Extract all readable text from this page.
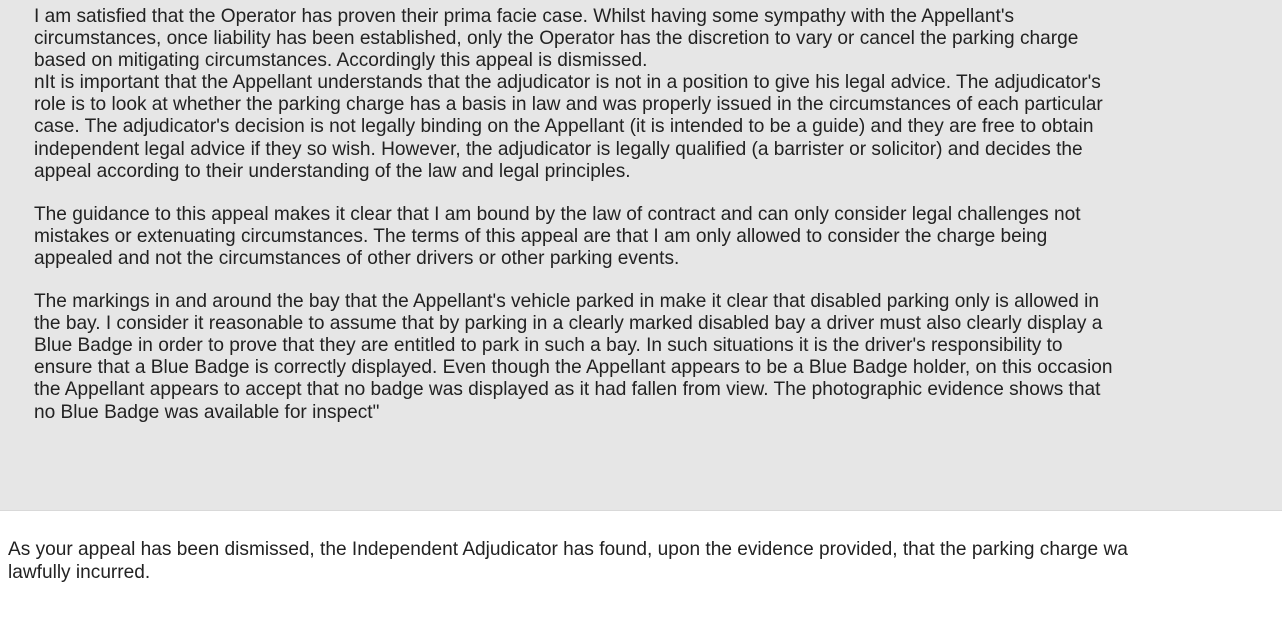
I am satisfied that the Operator has proven their prima facie case. Whilst having some sympathy with the Appellant's
circumstances, once liability has been established, only the Operator has the discretion to vary or cancel the parking charge
based on mitigating circumstances. Accordingly this appeal is dismissed.
nIt is important that the Appellant understands that the adjudicator is not in a position to give his legal advice. The adjudicator's
role is to look at whether the parking charge has a basis in law and was properly issued in the circumstances of each particular
case. The adjudicator's decision is not legally binding on the Appellant (it is intended to be a guide) and they are free to obtain
independent legal advice if they so wish. However, the adjudicator is legally qualified (a barrister or solicitor) and decides the
appeal according to their understanding of the law and legal principles.

The guidance to this appeal makes it clear that I am bound by the law of contract and can only consider legal challenges not
mistakes or extenuating circumstances. The terms of this appeal are that I am only allowed to consider the charge being
appealed and not the circumstances of other drivers or other parking events.

The markings in and around the bay that the Appellant's vehicle parked in make it clear that disabled parking only is allowed in
the bay. I consider it reasonable to assume that by parking in a clearly marked disabled bay a driver must also clearly display a
Blue Badge in order to prove that they are entitled to park in such a bay. In such situations it is the driver's responsibility to
ensure that a Blue Badge is correctly displayed. Even though the Appellant appears to be a Blue Badge holder, on this occasion
the Appellant appears to accept that no badge was displayed as it had fallen from view. The photographic evidence shows that
no Blue Badge was available for inspect"

As your appeal has been dismissed, the Independent Adjudicator has found, upon the evidence provided, that the parking charge wa
lawfully incurred.
